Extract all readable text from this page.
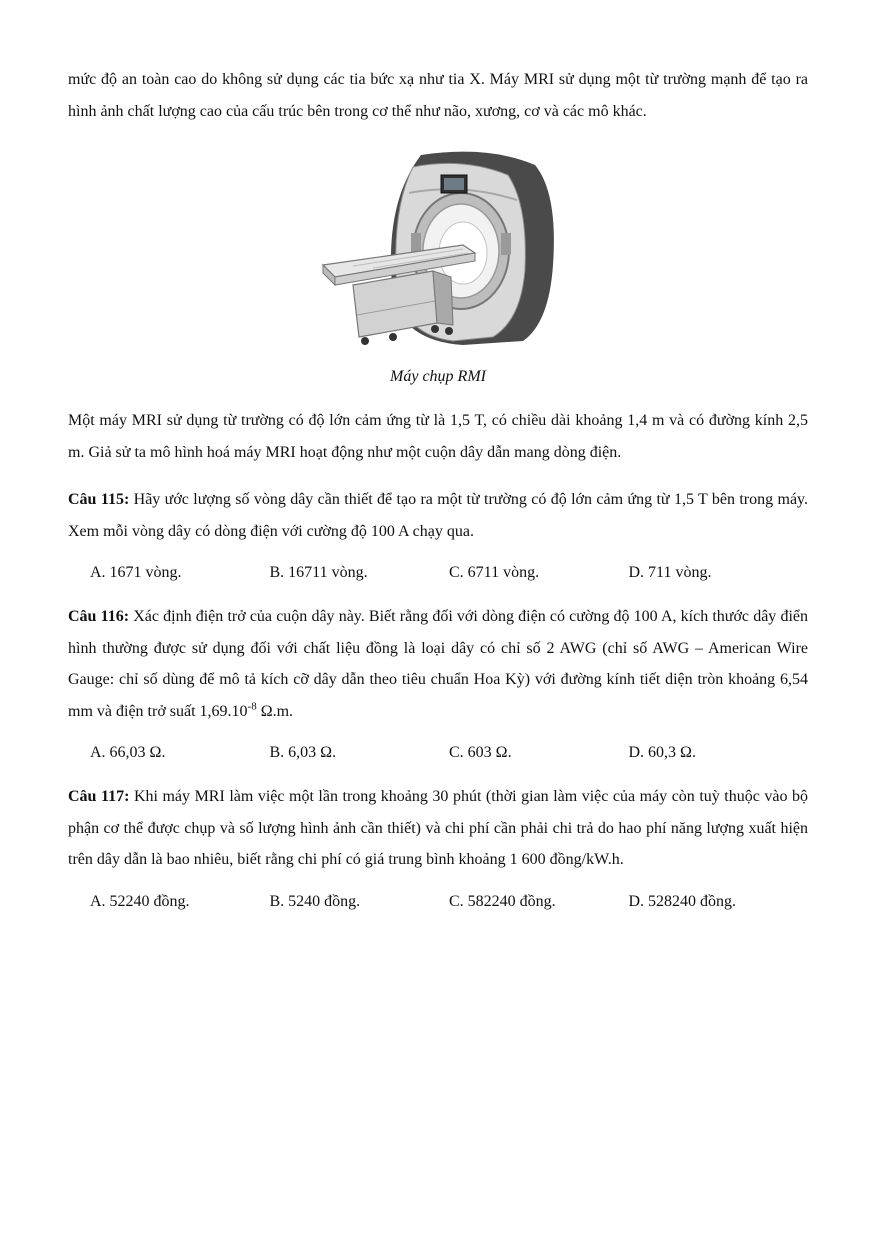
mức độ an toàn cao do không sử dụng các tia bức xạ như tia X. Máy MRI sử dụng một từ trường mạnh để tạo ra hình ảnh chất lượng cao của cấu trúc bên trong cơ thể như não, xương, cơ và các mô khác.

Máy chụp RMI

Một máy MRI sử dụng từ trường có độ lớn cảm ứng từ là 1,5 T, có chiều dài khoảng 1,4 m và có đường kính 2,5 m. Giả sử ta mô hình hoá máy MRI hoạt động như một cuộn dây dẫn mang dòng điện.

Câu 115: Hãy ước lượng số vòng dây cần thiết để tạo ra một từ trường có độ lớn cảm ứng từ 1,5 T bên trong máy. Xem mỗi vòng dây có dòng điện với cường độ 100 A chạy qua.

A. 1671 vòng.	B. 16711 vòng.	C. 6711 vòng.	D. 711 vòng.

Câu 116: Xác định điện trở của cuộn dây này. Biết rằng đối với dòng điện có cường độ 100 A, kích thước dây điển hình thường được sử dụng đối với chất liệu đồng là loại dây có chỉ số 2 AWG (chỉ số AWG – American Wire Gauge: chỉ số dùng để mô tả kích cỡ dây dẫn theo tiêu chuẩn Hoa Kỳ) với đường kính tiết diện tròn khoảng 6,54 mm và điện trở suất $1,69.10^{-8}$ Ω.m.

A. 66,03 Ω.	B. 6,03 Ω.	C. 603 Ω.	D. 60,3 Ω.

Câu 117: Khi máy MRI làm việc một lần trong khoảng 30 phút (thời gian làm việc của máy còn tuỳ thuộc vào bộ phận cơ thể được chụp và số lượng hình ảnh cần thiết) và chi phí cần phải chi trả do hao phí năng lượng xuất hiện trên dây dẫn là bao nhiêu, biết rằng chi phí có giá trung bình khoảng 1 600 đồng/kW.h.

A. 52240 đồng.	B. 5240 đồng.	C. 582240 đồng.	D. 528240 đồng.
